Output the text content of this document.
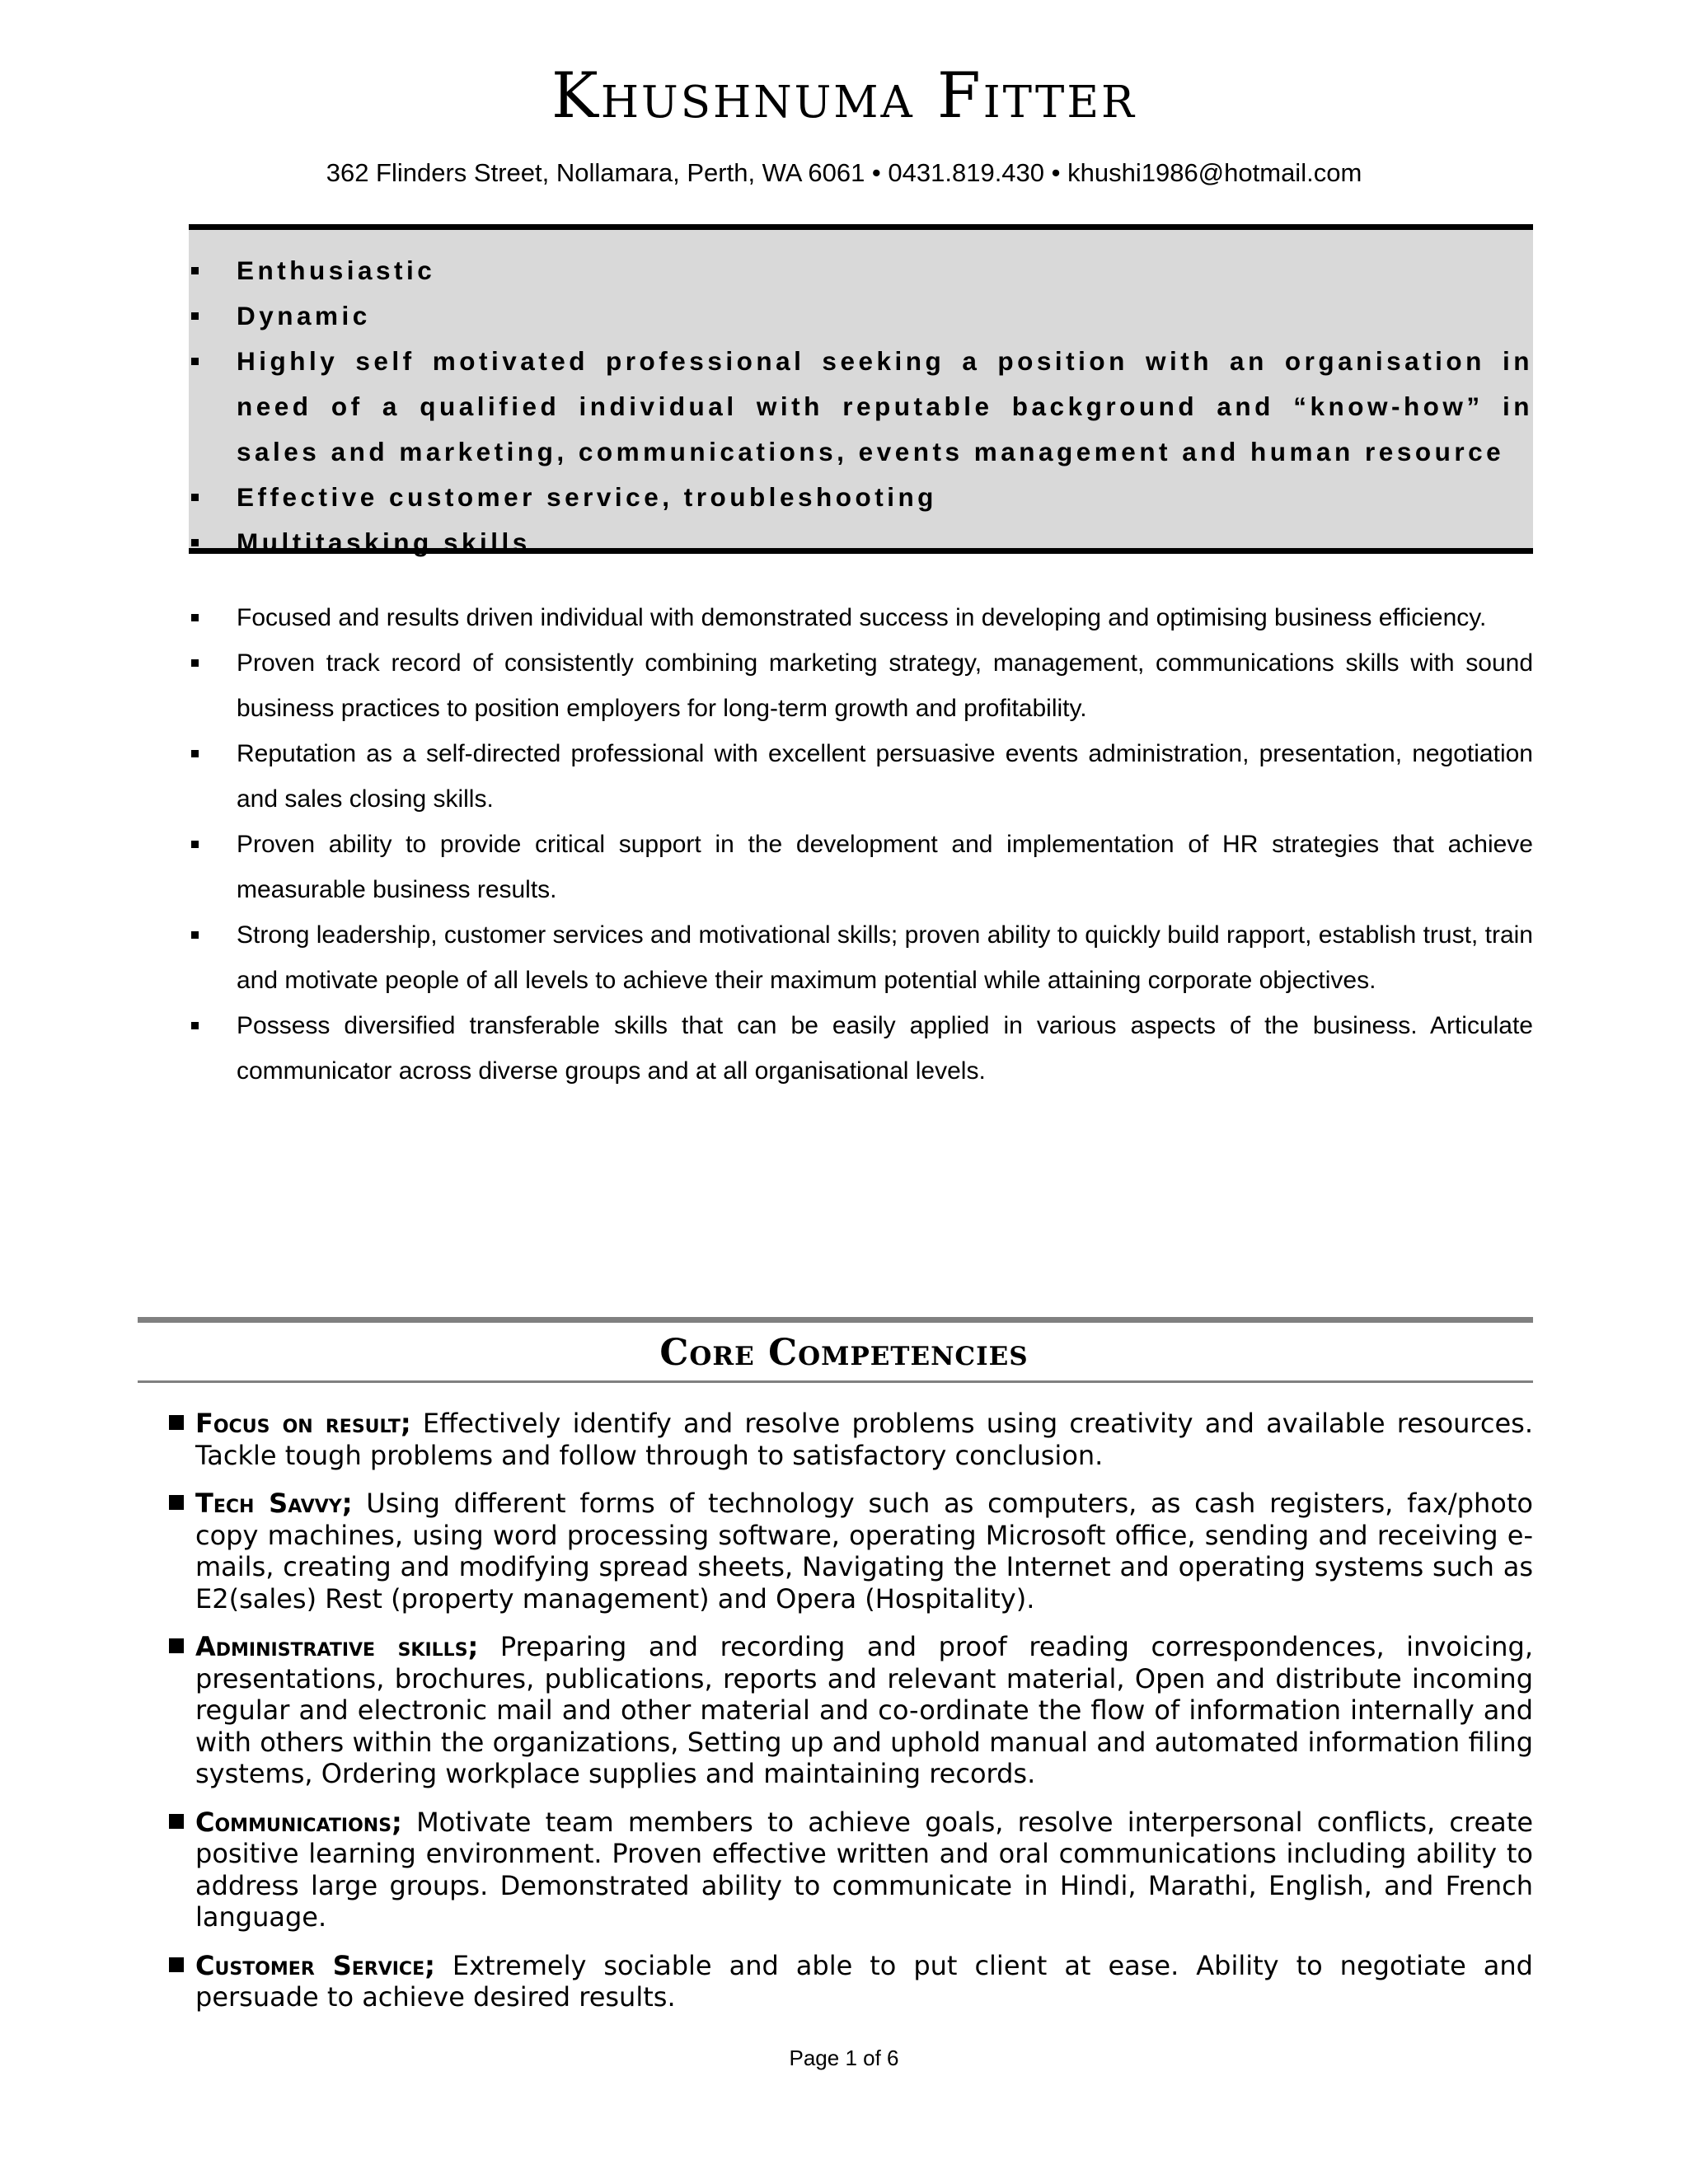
Khushnuma Fitter
362 Flinders Street, Nollamara, Perth, WA 6061 • 0431.819.430 • khushi1986@hotmail.com
Enthusiastic
Dynamic
Highly self motivated professional seeking a position with an organisation in need of a qualified individual with reputable background and “know-how” in sales and marketing, communications, events management and human resource
Effective customer service, troubleshooting
Multitasking skills
Focused and results driven individual with demonstrated success in developing and optimising business efficiency.
Proven track record of consistently combining marketing strategy, management, communications skills with sound business practices to position employers for long-term growth and profitability.
Reputation as a self-directed professional with excellent persuasive events administration, presentation, negotiation and sales closing skills.
Proven ability to provide critical support in the development and implementation of HR strategies that achieve measurable business results.
Strong leadership, customer services and motivational skills; proven ability to quickly build rapport, establish trust, train and motivate people of all levels to achieve their maximum potential while attaining corporate objectives.
Possess diversified transferable skills that can be easily applied in various aspects of the business. Articulate communicator across diverse groups and at all organisational levels.
Core Competencies
Focus on result; Effectively identify and resolve problems using creativity and available resources. Tackle tough problems and follow through to satisfactory conclusion.
Tech Savvy; Using different forms of technology such as computers, as cash registers, fax/photo copy machines, using word processing software, operating Microsoft office, sending and receiving e-mails, creating and modifying spread sheets, Navigating the Internet and operating systems such as E2(sales) Rest (property management) and Opera (Hospitality).
Administrative skills; Preparing and recording and proof reading correspondences, invoicing, presentations, brochures, publications, reports and relevant material, Open and distribute incoming regular and electronic mail and other material and co-ordinate the flow of information internally and with others within the organizations, Setting up and uphold manual and automated information filing systems, Ordering workplace supplies and maintaining records.
Communications; Motivate team members to achieve goals, resolve interpersonal conflicts, create positive learning environment. Proven effective written and oral communications including ability to address large groups. Demonstrated ability to communicate in Hindi, Marathi, English, and French language.
Customer Service; Extremely sociable and able to put client at ease. Ability to negotiate and persuade to achieve desired results.
Page 1 of 6
